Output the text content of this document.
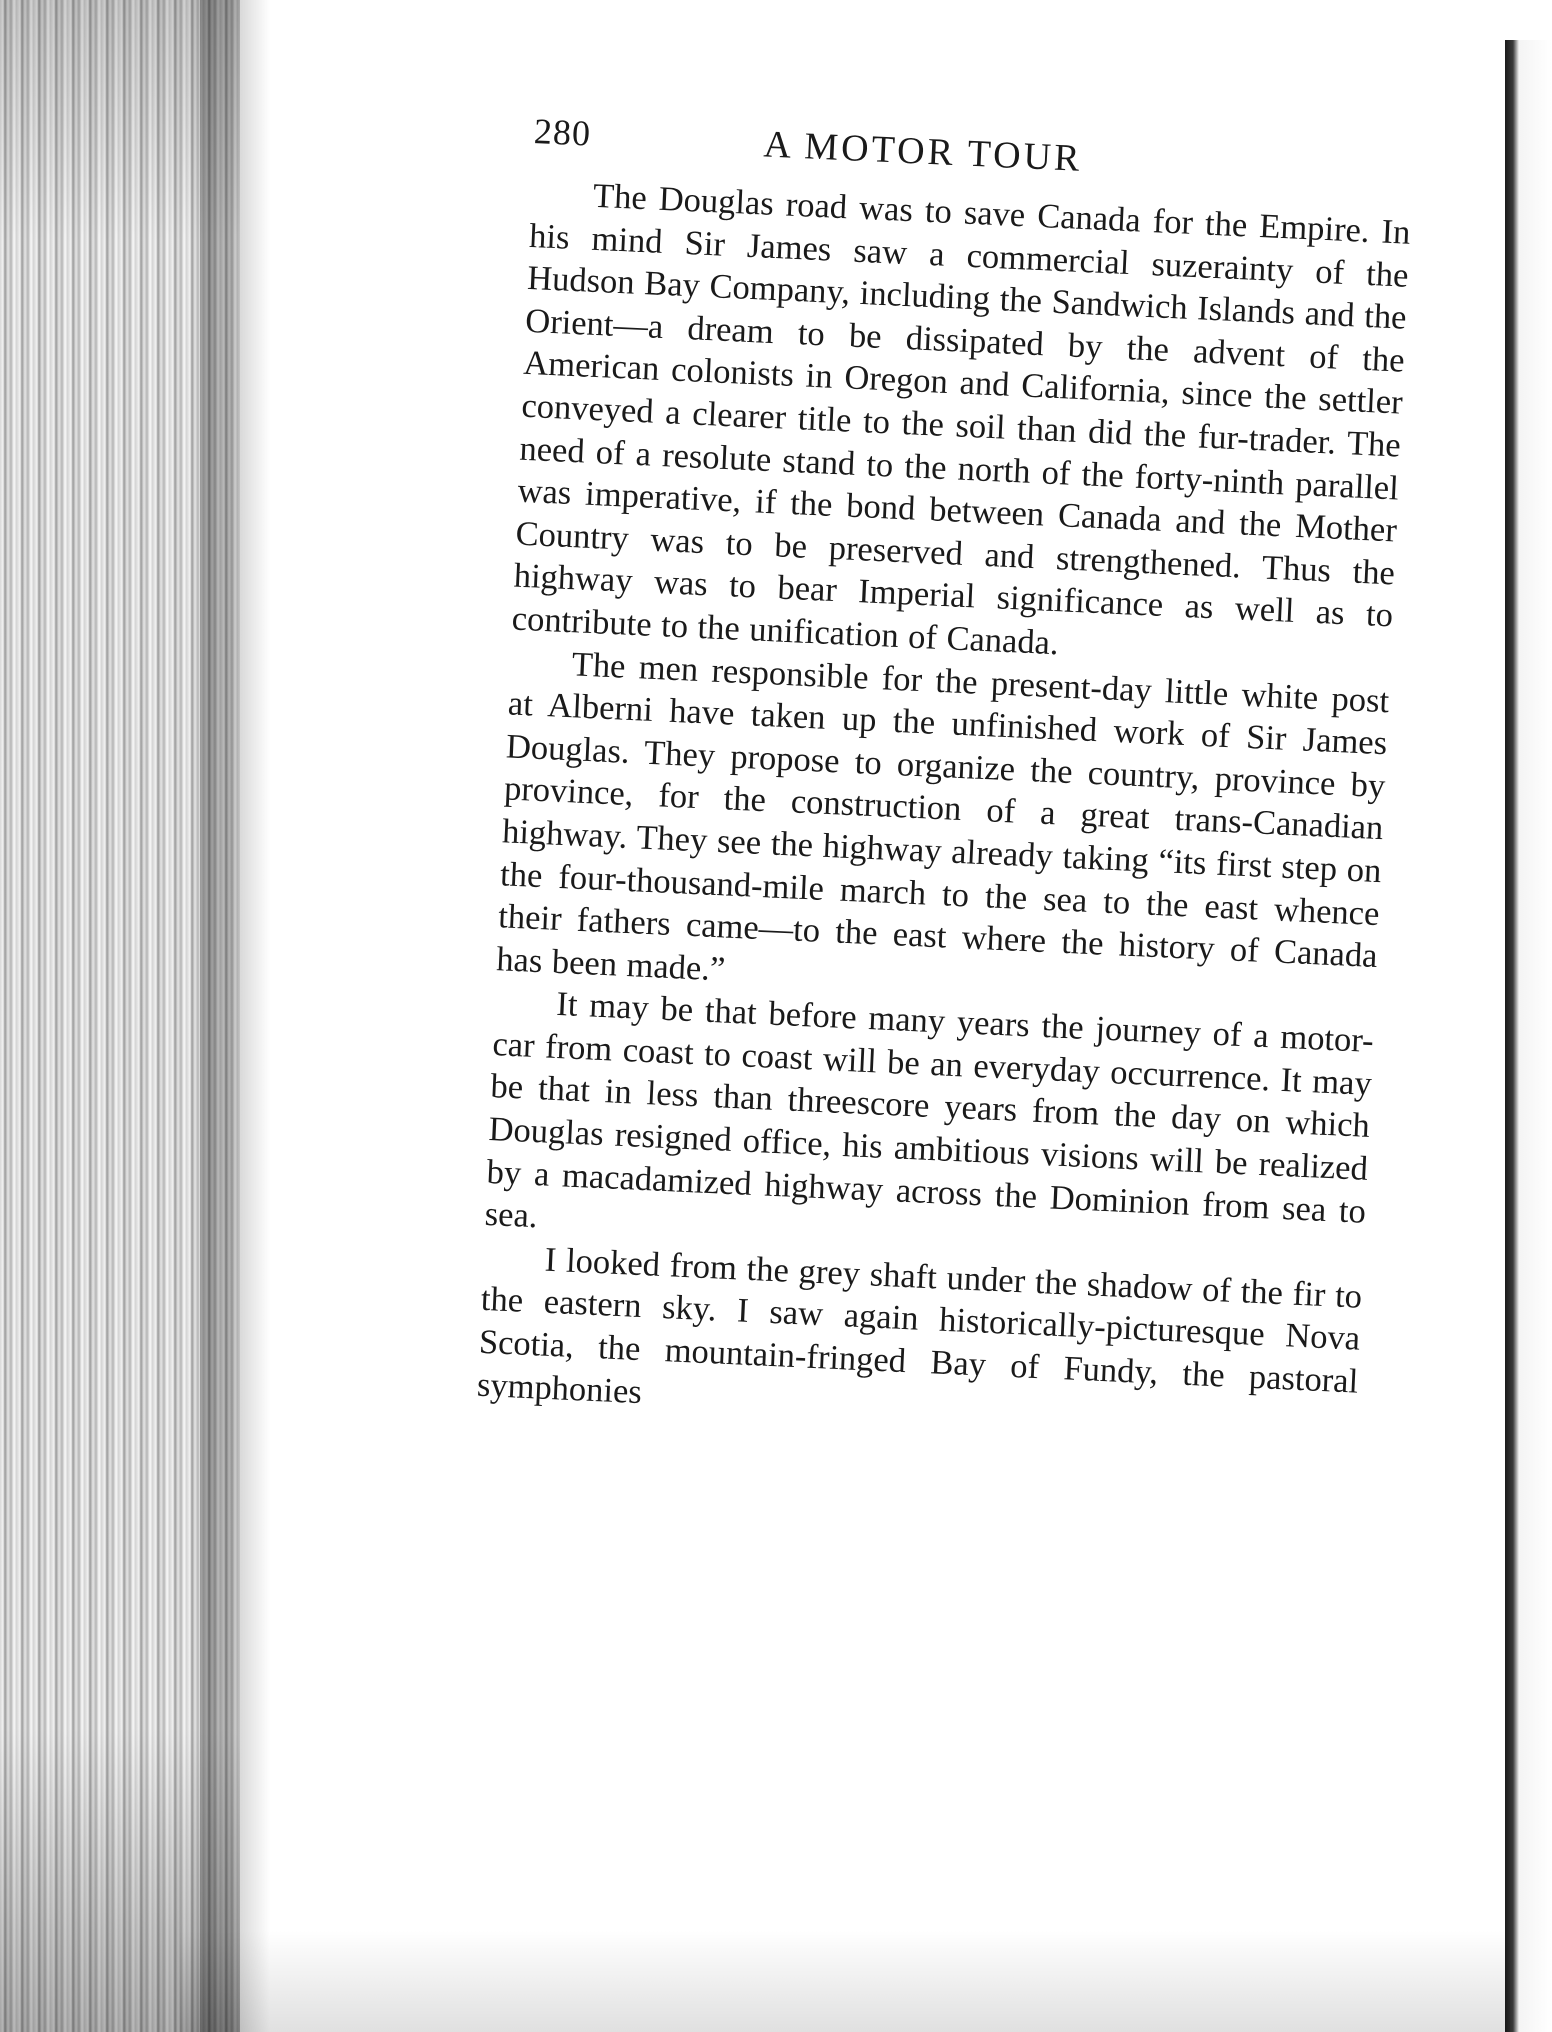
280	A MOTOR TOUR

The Douglas road was to save Canada for the Empire. In his mind Sir James saw a commercial suzerainty of the Hudson Bay Company, including the Sandwich Islands and the Orient—a dream to be dissipated by the advent of the American colonists in Oregon and California, since the settler conveyed a clearer title to the soil than did the fur-trader. The need of a resolute stand to the north of the forty-ninth parallel was imperative, if the bond between Canada and the Mother Country was to be preserved and strengthened. Thus the highway was to bear Imperial significance as well as to contribute to the unification of Canada.

The men responsible for the present-day little white post at Alberni have taken up the unfinished work of Sir James Douglas. They propose to organize the country, province by province, for the construction of a great trans-Canadian highway. They see the highway already taking “its first step on the four-thousand-mile march to the sea to the east whence their fathers came—to the east where the history of Canada has been made.”

It may be that before many years the journey of a motor-car from coast to coast will be an everyday occurrence. It may be that in less than threescore years from the day on which Douglas resigned office, his ambitious visions will be realized by a macadamized highway across the Dominion from sea to sea.

I looked from the grey shaft under the shadow of the fir to the eastern sky. I saw again historically-picturesque Nova Scotia, the mountain-fringed Bay of Fundy, the pastoral symphonies
